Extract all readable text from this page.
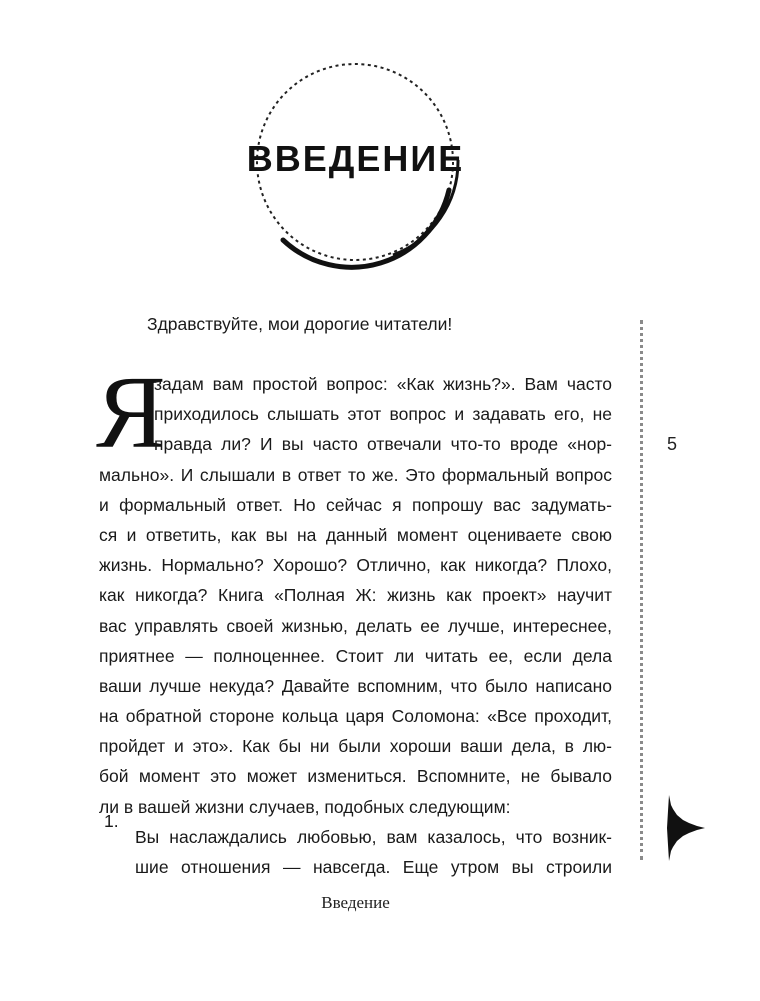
ВВЕДЕНИЕ
Здравствуйте, мои дорогие читатели!
Я
задам вам простой вопрос: «Как жизнь?». Вам часто
приходилось слышать этот вопрос и задавать его, не
правда ли? И вы часто отвечали что-то вроде «нор-
мально». И слышали в ответ то же. Это формальный вопрос
и формальный ответ. Но сейчас я попрошу вас задумать-
ся и ответить, как вы на данный момент оцениваете свою
жизнь. Нормально? Хорошо? Отлично, как никогда? Плохо,
как никогда? Книга «Полная Ж: жизнь как проект» научит
вас управлять своей жизнью, делать ее лучше, интереснее,
приятнее — полноценнее. Стоит ли читать ее, если дела
ваши лучше некуда? Давайте вспомним, что было написано
на обратной стороне кольца царя Соломона: «Все проходит,
пройдет и это». Как бы ни были хороши ваши дела, в лю-
бой момент это может измениться. Вспомните, не бывало
ли в вашей жизни случаев, подобных следующим:
Вы наслаждались любовью, вам казалось, что возник-
шие отношения — навсегда. Еще утром вы строили
1.
5
Введение
